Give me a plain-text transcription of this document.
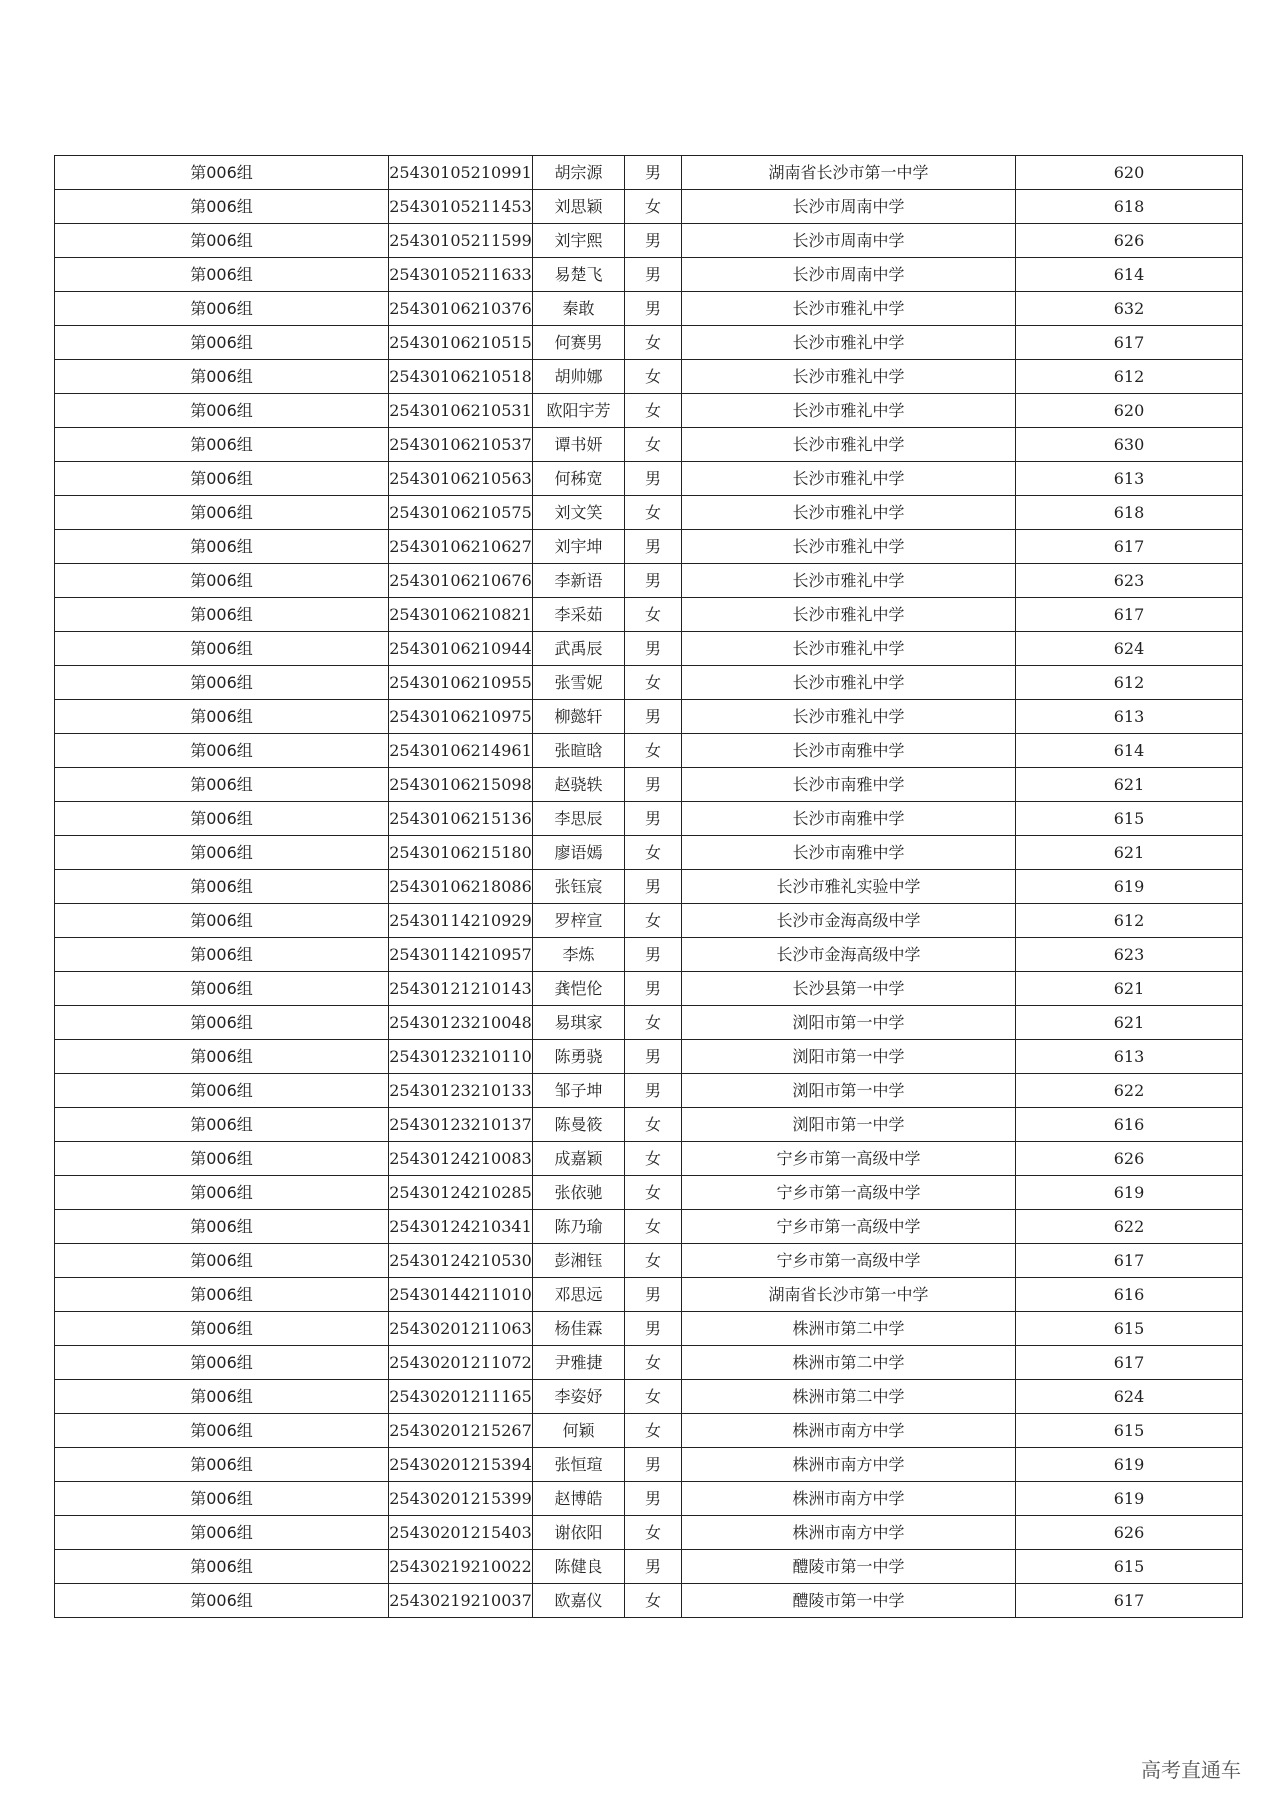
第006组	25430105210991	胡宗源	男	湖南省长沙市第一中学	620
第006组	25430105211453	刘思颖	女	长沙市周南中学	618
第006组	25430105211599	刘宇熙	男	长沙市周南中学	626
第006组	25430105211633	易楚飞	男	长沙市周南中学	614
第006组	25430106210376	秦敢	男	长沙市雅礼中学	632
第006组	25430106210515	何赛男	女	长沙市雅礼中学	617
第006组	25430106210518	胡帅娜	女	长沙市雅礼中学	612
第006组	25430106210531	欧阳宇芳	女	长沙市雅礼中学	620
第006组	25430106210537	谭书妍	女	长沙市雅礼中学	630
第006组	25430106210563	何秭宽	男	长沙市雅礼中学	613
第006组	25430106210575	刘文笑	女	长沙市雅礼中学	618
第006组	25430106210627	刘宇坤	男	长沙市雅礼中学	617
第006组	25430106210676	李新语	男	长沙市雅礼中学	623
第006组	25430106210821	李采茹	女	长沙市雅礼中学	617
第006组	25430106210944	武禹辰	男	长沙市雅礼中学	624
第006组	25430106210955	张雪妮	女	长沙市雅礼中学	612
第006组	25430106210975	柳懿轩	男	长沙市雅礼中学	613
第006组	25430106214961	张暄晗	女	长沙市南雅中学	614
第006组	25430106215098	赵骁轶	男	长沙市南雅中学	621
第006组	25430106215136	李思辰	男	长沙市南雅中学	615
第006组	25430106215180	廖语嫣	女	长沙市南雅中学	621
第006组	25430106218086	张钰宸	男	长沙市雅礼实验中学	619
第006组	25430114210929	罗梓宣	女	长沙市金海高级中学	612
第006组	25430114210957	李炼	男	长沙市金海高级中学	623
第006组	25430121210143	龚恺伦	男	长沙县第一中学	621
第006组	25430123210048	易琪家	女	浏阳市第一中学	621
第006组	25430123210110	陈勇骁	男	浏阳市第一中学	613
第006组	25430123210133	邹子坤	男	浏阳市第一中学	622
第006组	25430123210137	陈曼筱	女	浏阳市第一中学	616
第006组	25430124210083	成嘉颖	女	宁乡市第一高级中学	626
第006组	25430124210285	张依驰	女	宁乡市第一高级中学	619
第006组	25430124210341	陈乃瑜	女	宁乡市第一高级中学	622
第006组	25430124210530	彭湘钰	女	宁乡市第一高级中学	617
第006组	25430144211010	邓思远	男	湖南省长沙市第一中学	616
第006组	25430201211063	杨佳霖	男	株洲市第二中学	615
第006组	25430201211072	尹雅捷	女	株洲市第二中学	617
第006组	25430201211165	李姿妤	女	株洲市第二中学	624
第006组	25430201215267	何颖	女	株洲市南方中学	615
第006组	25430201215394	张恒瑄	男	株洲市南方中学	619
第006组	25430201215399	赵博皓	男	株洲市南方中学	619
第006组	25430201215403	谢依阳	女	株洲市南方中学	626
第006组	25430219210022	陈健良	男	醴陵市第一中学	615
第006组	25430219210037	欧嘉仪	女	醴陵市第一中学	617
高考直通车
